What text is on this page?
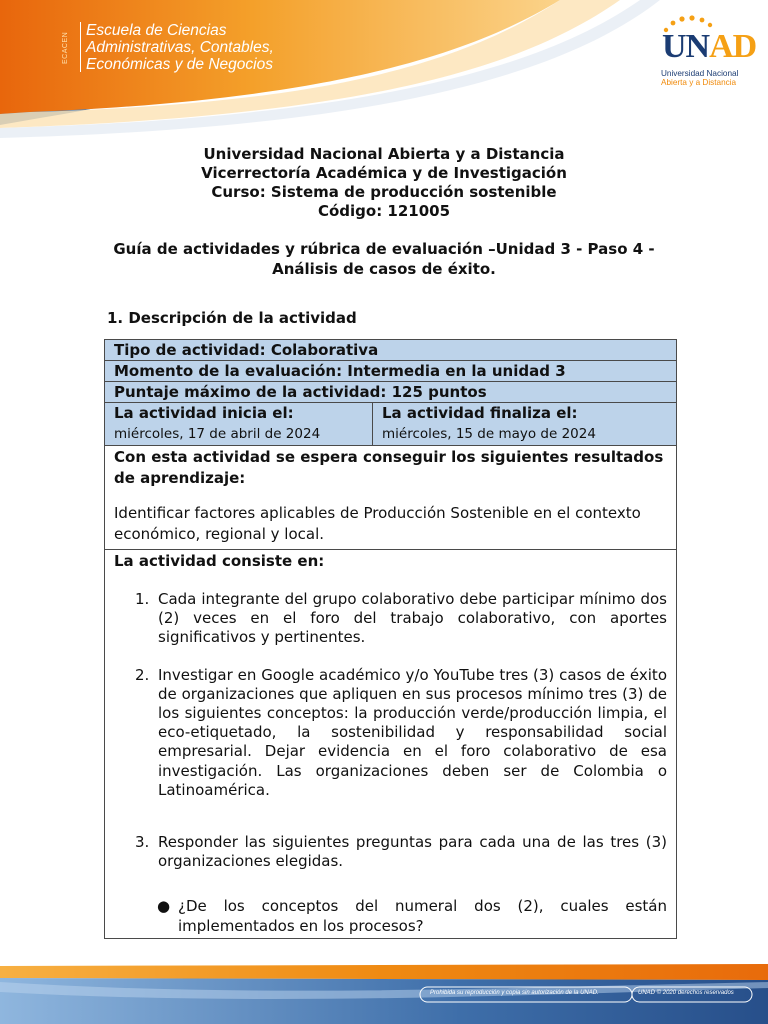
ECACEN
Escuela de Ciencias
Administrativas, Contables,
Económicas y de Negocios	UNAD
Universidad Nacional
Abierta y a Distancia
Universidad Nacional Abierta y a Distancia
Vicerrectoría Académica y de Investigación
Curso: Sistema de producción sostenible
Código: 121005
Guía de actividades y rúbrica de evaluación –Unidad 3 - Paso 4 -
Análisis de casos de éxito.
1. Descripción de la actividad
Tipo de actividad: Colaborativa
Momento de la evaluación: Intermedia en la unidad 3
Puntaje máximo de la actividad: 125 puntos

La actividad inicia el:
miércoles, 17 de abril de 2024

La actividad finaliza el:
miércoles, 15 de mayo de 2024

Con esta actividad se espera conseguir los siguientes resultados de aprendizaje:
Identificar factores aplicables de Producción Sostenible en el contexto económico, regional y local.

La actividad consiste en:
1. Cada integrante del grupo colaborativo debe participar mínimo dos (2) veces en el foro del trabajo colaborativo, con aportes significativos y pertinentes.
2. Investigar en Google académico y/o YouTube tres (3) casos de éxito de organizaciones que apliquen en sus procesos mínimo tres (3) de los siguientes conceptos: la producción verde/producción limpia, el eco-etiquetado, la sostenibilidad y responsabilidad social empresarial. Dejar evidencia en el foro colaborativo de esa investigación. Las organizaciones deben ser de Colombia o Latinoamérica.
3. Responder las siguientes preguntas para cada una de las tres (3) organizaciones elegidas.
● ¿De los conceptos del numeral dos (2), cuales están implementados en los procesos?
Prohibida su reproducción y copia sin autorización de la UNAD.	UNAD © 2020 derechos reservados
